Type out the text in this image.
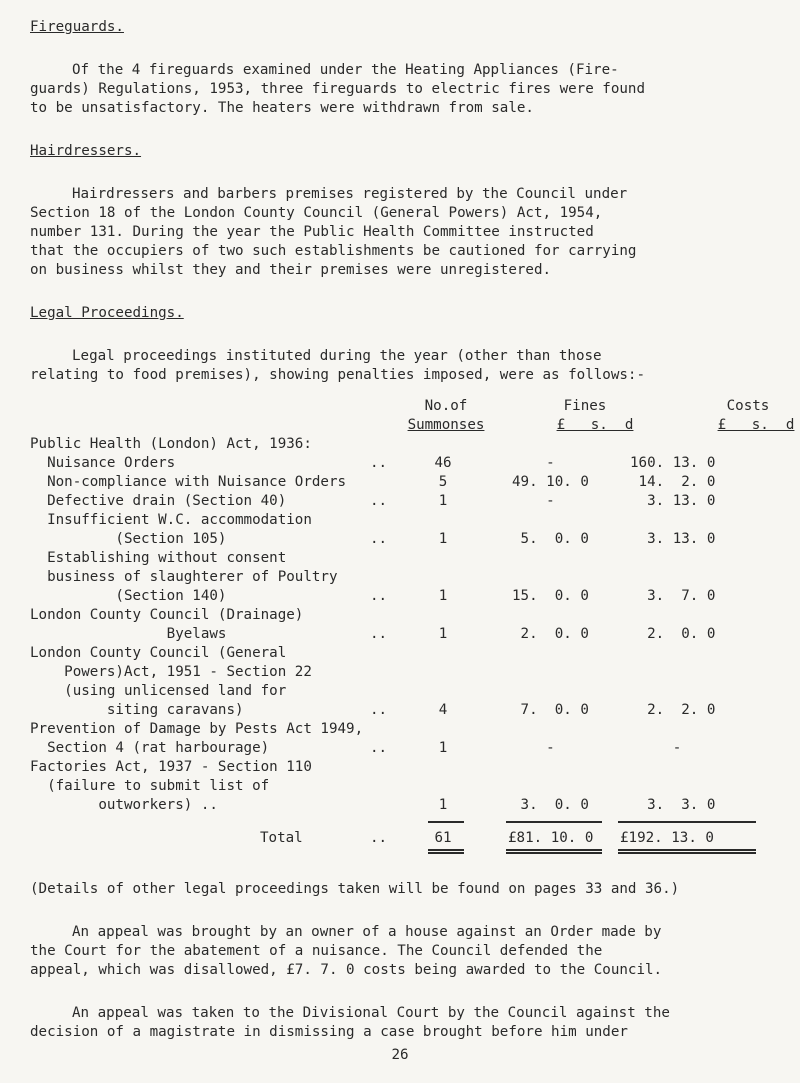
Fireguards.

Of the 4 fireguards examined under the Heating Appliances (Fire-

guards) Regulations, 1953, three fireguards to electric fires were found

to be unsatisfactory. The heaters were withdrawn from sale.

Hairdressers.

Hairdressers and barbers premises registered by the Council under

Section 18 of the London County Council (General Powers) Act, 1954,

number 131. During the year the Public Health Committee instructed

that the occupiers of two such establishments be cautioned for carrying

on business whilst they and their premises were unregistered.

Legal Proceedings.

Legal proceedings instituted during the year (other than those

relating to food premises), showing penalties imposed, were as follows:-

No.of	Fines	Costs
Summonses	£   s.  d	£   s.  d
Public Health (London) Act, 1936:
Nuisance Orders	..	46	-	160. 13. 0
Non-compliance with Nuisance Orders	5	49. 10. 0	14.  2. 0
Defective drain (Section 40)	..	1	-	3. 13. 0
Insufficient W.C. accommodation
(Section 105)	..	1	5.  0. 0	3. 13. 0
Establishing without consent
business of slaughterer of Poultry
(Section 140)	..	1	15.  0. 0	3.  7. 0
London County Council (Drainage)
Byelaws	..	1	2.  0. 0	2.  0. 0
London County Council (General
Powers)Act, 1951 - Section 22
(using unlicensed land for
siting caravans)	..	4	7.  0. 0	2.  2. 0
Prevention of Damage by Pests Act 1949,
Section 4 (rat harbourage)	..	1	-	-
Factories Act, 1937 - Section 110
(failure to submit list of
outworkers) ..	1	3.  0. 0	3.  3. 0
Total	..	61	£81. 10. 0	£192. 13. 0

(Details of other legal proceedings taken will be found on pages 33 and 36.)

An appeal was brought by an owner of a house against an Order made by

the Court for the abatement of a nuisance. The Council defended the

appeal, which was disallowed, £7. 7. 0 costs being awarded to the Council.

An appeal was taken to the Divisional Court by the Council against the

decision of a magistrate in dismissing a case brought before him under

26
